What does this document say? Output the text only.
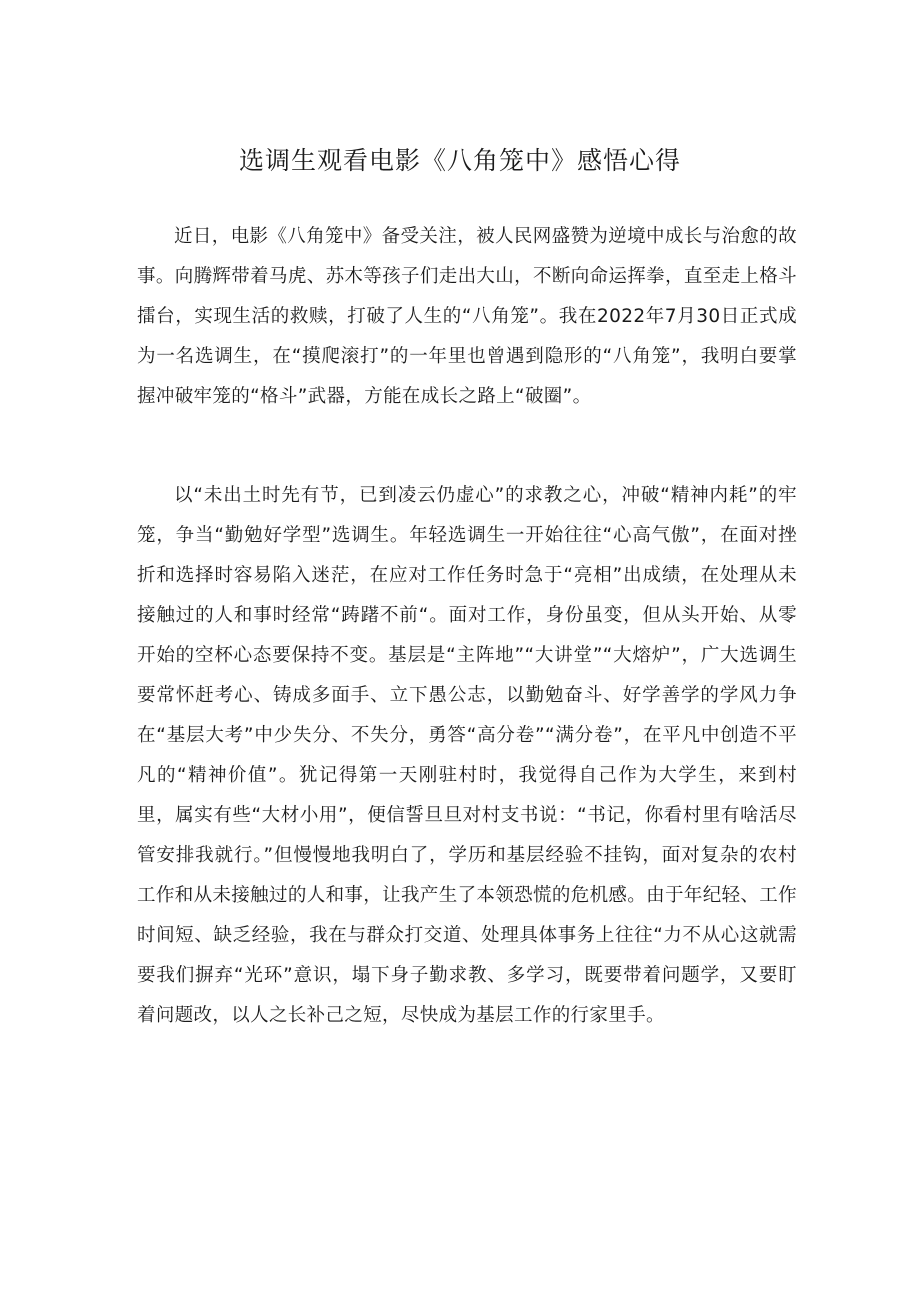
选调生观看电影《八角笼中》感悟心得

近日，电影《八角笼中》备受关注，被人民网盛赞为逆境中成长与治愈的故事。向腾辉带着马虎、苏木等孩子们走出大山，不断向命运挥拳，直至走上格斗擂台，实现生活的救赎，打破了人生的“八角笼”。我在2022年7月30日正式成为一名选调生，在“摸爬滚打”的一年里也曾遇到隐形的“八角笼”，我明白要掌握冲破牢笼的“格斗”武器，方能在成长之路上“破圈”。

以“未出土时先有节，已到凌云仍虚心”的求教之心，冲破“精神内耗”的牢笼，争当“勤勉好学型”选调生。年轻选调生一开始往往“心高气傲”，在面对挫折和选择时容易陷入迷茫，在应对工作任务时急于“亮相”出成绩，在处理从未接触过的人和事时经常“踌躇不前“。面对工作，身份虽变，但从头开始、从零开始的空杯心态要保持不变。基层是“主阵地”“大讲堂”“大熔炉”，广大选调生要常怀赶考心、铸成多面手、立下愚公志，以勤勉奋斗、好学善学的学风力争在“基层大考”中少失分、不失分，勇答“高分卷”“满分卷”，在平凡中创造不平凡的“精神价值”。犹记得第一天刚驻村时，我觉得自己作为大学生，来到村里，属实有些“大材小用”，便信誓旦旦对村支书说：“书记，你看村里有啥活尽管安排我就行。”但慢慢地我明白了，学历和基层经验不挂钩，面对复杂的农村工作和从未接触过的人和事，让我产生了本领恐慌的危机感。由于年纪轻、工作时间短、缺乏经验，我在与群众打交道、处理具体事务上往往“力不从心这就需要我们摒弃“光环”意识，塌下身子勤求教、多学习，既要带着问题学，又要盯着问题改，以人之长补己之短，尽快成为基层工作的行家里手。
